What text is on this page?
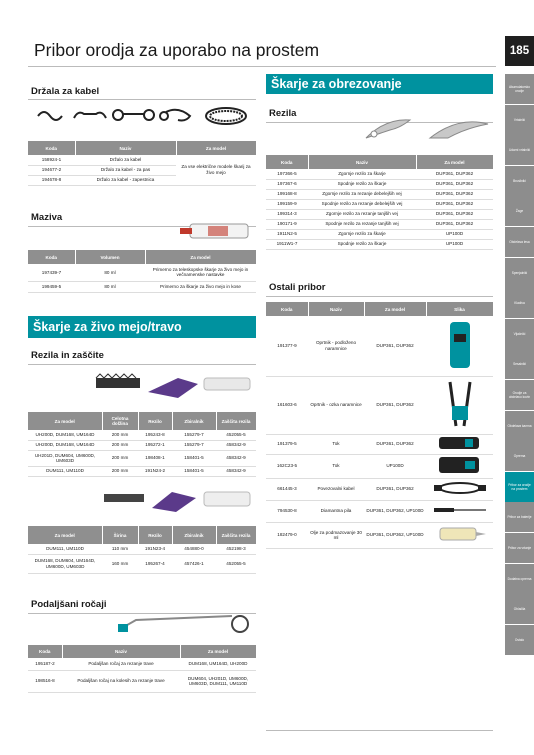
Pribor orodja za uporabo na prostem	185
Akumulatorsko orodje
Vrtalniki
Udarni vrtalniki
Brusilniki
Žage
Obdelava lesa
Spenjalniki
Kladiva
Vijačniki
Sesalniki
Orodje za obdelavo kovin
Obdelava kamna
Oprema
Pribor za orodje na prostem
Pribor za baterije
Pribor za vrtanje
Dodatna oprema
Oblačila
Ostalo
Držala za kabel
Koda	Naziv	Za model
158924-1	Držalo za kabel	Za vse električne modele škarij za živo mejo
194677-2	Držalo za kabel - za pas	
194678-8	Držalo za kabel - zapestnica	
Maziva
Koda	Volumen	Za model
197439-7	80 ml	Primerno za teleskopske škarje za živo mejo in večnamenske nastavke
199459-5	80 ml	Primerno za škarje za živo mejo in kose
Škarje za živo mejo/travo
Rezila in zaščite
Za model	Celotna dolžina	Rezilo	Zbiralnik	Zaščita rezila
UH200D, DUM168, UM164D	200 mm	195243-8	155279-7	452055-5
UH200D, DUM168, UM164D	200 mm	195272-1	155279-7	458342-9
UH201D, DUM604, UM600D, UM603D	200 mm	198408-1	158401-5	458342-9
DUM111, UM110D	200 mm	191N24-2	158401-5	458342-9
Za model	Širina	Rezilo	Zbiralnik	Zaščita rezila
DUM111, UM110D	110 mm	191N23-4	454880-0	452198-3
DUM168, DUM604, UM164D, UM600D, UM603D	160 mm	195267-4	457426-1	452055-5
Podaljšani ročaji
Koda	Naziv	Za model
195187-2	Podaljšan ročaj za rezanje trave	DUM168, UM164D, UH200D
198516-8	Podaljšan ročaj na kolesih za rezanje trave	DUM604, UH201D, UM600D, UM603D, DUM111, UM110D
Škarje za obrezovanje
Rezila
Koda	Naziv	Za model
197366-5	Zgornje rezilo za škarje	DUP361, DUP362
197367-6	Spodnje rezilo za škarje	DUP361, DUP362
199168-8	Zgornje rezilo za rezanje debelejših vej	DUP361, DUP362
199159-9	Spodnje rezilo za rezanje debelejših vej	DUP361, DUP362
199314-3	Zgornje rezilo za rezanje tanjših vej	DUP361, DUP362
190171-9	Spodnje rezilo za rezanje tanjših vej	DUP361, DUP362
1911N2-5	Zgornje rezilo za škarje	UP100D
1911W1-7	Spodnje rezilo za škarje	UP100D
Ostali pribor
Koda	Naziv	Za model	Slika
191377-9	Oprtnik - podloženo naramnice	DUP361, DUP362	
161603-6	Oprtnik - ozka naramnice	DUP361, DUP362	
191379-5	Tok	DUP361, DUP362	
162C23-5	Tok	UP100D	
661445-3	Povezovalni kabel	DUP361, DUP362	
794530-8	Diamantna pila	DUP361, DUP362, UP100D	
182479-0	Olje za podmazovanje 30 ml	DUP361, DUP362, UP100D	
